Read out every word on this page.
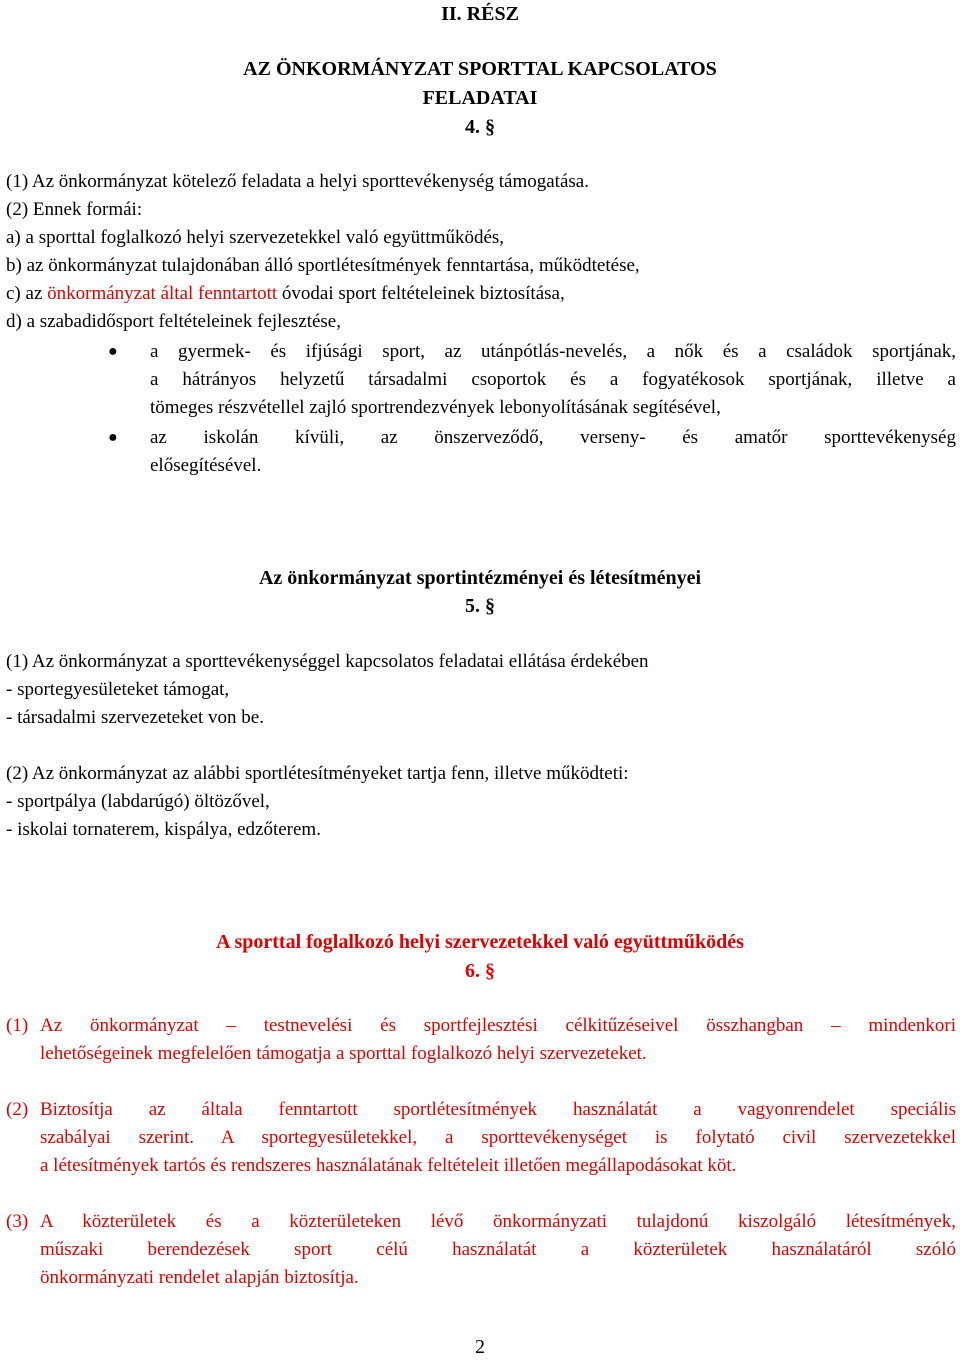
II. RÉSZ
AZ ÖNKORMÁNYZAT SPORTTAL KAPCSOLATOS
FELADATAI
4. §
(1) Az önkormányzat kötelező feladata a helyi sporttevékenység támogatása.
(2) Ennek formái:
a) a sporttal foglalkozó helyi szervezetekkel való együttműködés,
b) az önkormányzat tulajdonában álló sportlétesítmények fenntartása, működtetése,
c) az önkormányzat által fenntartott óvodai sport feltételeinek biztosítása,
d) a szabadidősport feltételeinek fejlesztése,
● a gyermek- és ifjúsági sport, az utánpótlás-nevelés, a nők és a családok sportjának,
a hátrányos helyzetű társadalmi csoportok és a fogyatékosok sportjának, illetve a
tömeges részvétellel zajló sportrendezvények lebonyolításának segítésével,
● az iskolán kívüli, az önszerveződő, verseny- és amatőr sporttevékenység
elősegítésével.
Az önkormányzat sportintézményei és létesítményei
5. §
(1) Az önkormányzat a sporttevékenységgel kapcsolatos feladatai ellátása érdekében
- sportegyesületeket támogat,
- társadalmi szervezeteket von be.
(2) Az önkormányzat az alábbi sportlétesítményeket tartja fenn, illetve működteti:
- sportpálya (labdarúgó) öltözővel,
- iskolai tornaterem, kispálya, edzőterem.
A sporttal foglalkozó helyi szervezetekkel való együttműködés
6. §
(1) Az önkormányzat – testnevelési és sportfejlesztési célkitűzéseivel összhangban – mindenkori
lehetőségeinek megfelelően támogatja a sporttal foglalkozó helyi szervezeteket.
(2) Biztosítja az általa fenntartott sportlétesítmények használatát a vagyonrendelet speciális
szabályai szerint. A sportegyesületekkel, a sporttevékenységet is folytató civil szervezetekkel
a létesítmények tartós és rendszeres használatának feltételeit illetően megállapodásokat köt.
(3) A közterületek és a közterületeken lévő önkormányzati tulajdonú kiszolgáló létesítmények,
műszaki berendezések sport célú használatát a közterületek használatáról szóló
önkormányzati rendelet alapján biztosítja.
2
